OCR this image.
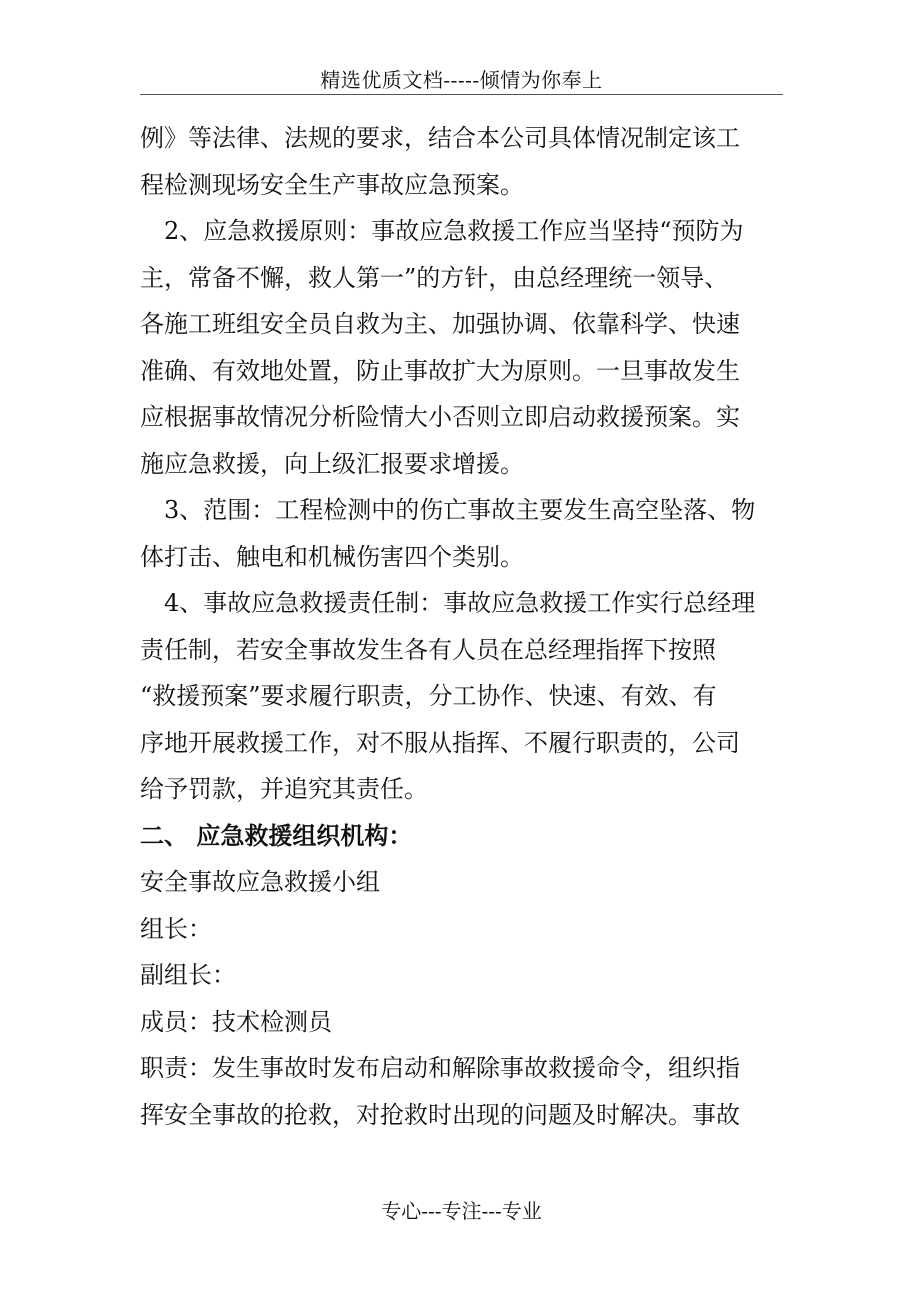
精选优质文档-----倾情为你奉上
例》等法律、法规的要求，结合本公司具体情况制定该工
程检测现场安全生产事故应急预案。
2、应急救援原则：事故应急救援工作应当坚持“预防为
主，常备不懈，救人第一”的方针，由总经理统一领导、
各施工班组安全员自救为主、加强协调、依靠科学、快速
准确、有效地处置，防止事故扩大为原则。一旦事故发生
应根据事故情况分析险情大小否则立即启动救援预案。实
施应急救援，向上级汇报要求增援。
3、范围：工程检测中的伤亡事故主要发生高空坠落、物
体打击、触电和机械伤害四个类别。
4、事故应急救援责任制：事故应急救援工作实行总经理
责任制，若安全事故发生各有人员在总经理指挥下按照
“救援预案”要求履行职责，分工协作、快速、有效、有
序地开展救援工作，对不服从指挥、不履行职责的，公司
给予罚款，并追究其责任。
二、 应急救援组织机构：
安全事故应急救援小组
组长：
副组长：
成员：技术检测员
职责：发生事故时发布启动和解除事故救援命令，组织指
挥安全事故的抢救，对抢救时出现的问题及时解决。事故
专心---专注---专业
